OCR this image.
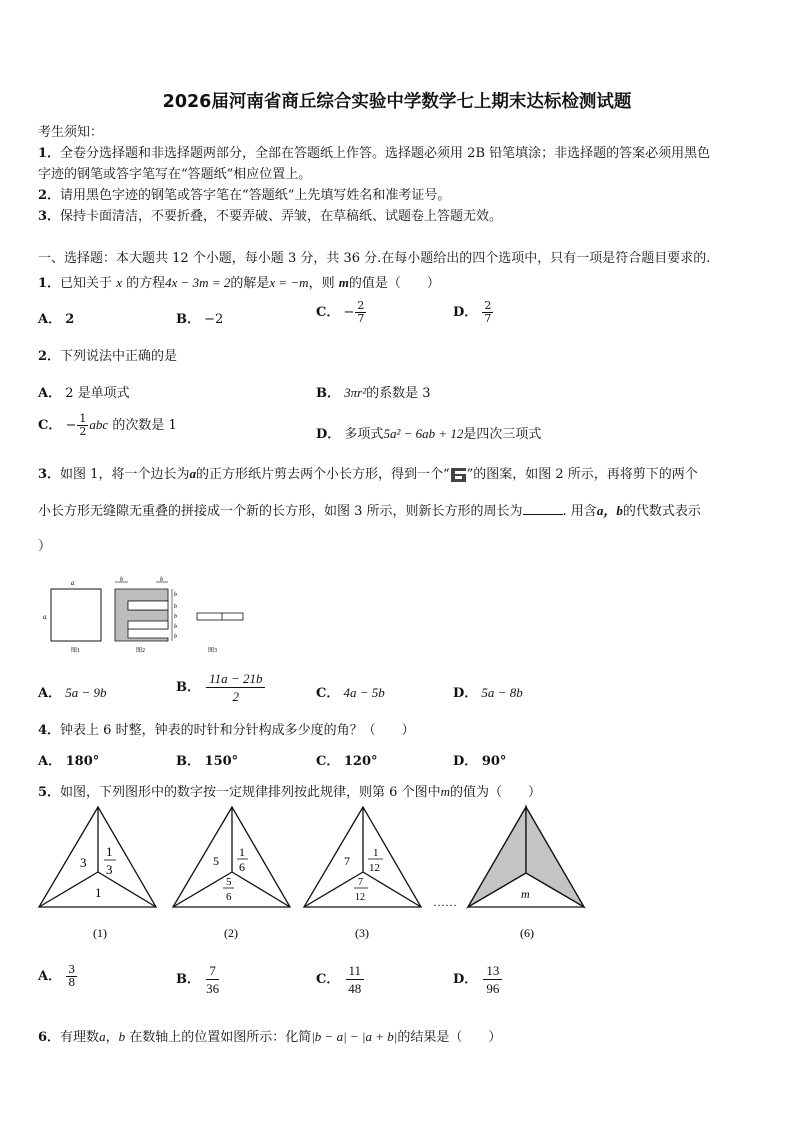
2026届河南省商丘综合实验中学数学七上期末达标检测试题
考生须知：
1．全卷分选择题和非选择题两部分，全部在答题纸上作答。选择题必须用 2B 铅笔填涂；非选择题的答案必须用黑色
字迹的钢笔或答字笔写在“答题纸”相应位置上。
2．请用黑色字迹的钢笔或答字笔在“答题纸”上先填写姓名和准考证号。
3．保持卡面清洁，不要折叠，不要弄破、弄皱，在草稿纸、试题卷上答题无效。
一、选择题：本大题共 12 个小题，每小题 3 分，共 36 分.在每小题给出的四个选项中，只有一项是符合题目要求的.
1．已知关于 x 的方程4x − 3m = 2的解是x = −m，则 m的值是（　　）
A． 2	B． −2	C． − $\frac{2}{7}$	D． $\frac{2}{7}$
2．下列说法中正确的是
A． 2 是单项式	B． 3πr²的系数是 3
C． − $\frac{1}{2}$ abc 的次数是 1
D． 多项式5a² − 6ab + 12是四次三项式
3．如图 1，将一个边长为a的正方形纸片剪去两个小长方形，得到一个“ ”的图案，如图 2 所示，再将剪下的两个
小长方形无缝隙无重叠的拼接成一个新的长方形，如图 3 所示，则新长方形的周长为	. 用含a，b的代数式表示
）
a
a
图1
b	b
b
b
b
b
b
图2	图3
A． 5a − 9b	B． $\frac{11a - 21b}{2}$	C． 4a − 5b	D． 5a − 8b
4．钟表上 6 时整，钟表的时针和分针构成多少度的角？（　　）
A． 180°	B． 150°	C． 120°	D． 90°
5．如图，下列图形中的数字按一定规律排列按此规律，则第 6 个图中m的值为（　　）
3
1
3
1
(1)
5
1
6
5
6
(2)
7
1
12
7
12
(3)
……
m
(6)
A． $\frac{3}{8}$	B． $\frac{7}{36}$	C． $\frac{11}{48}$	D． $\frac{13}{96}$
6．有理数a，b 在数轴上的位置如图所示：化简|b − a| − |a + b|的结果是（　　）
